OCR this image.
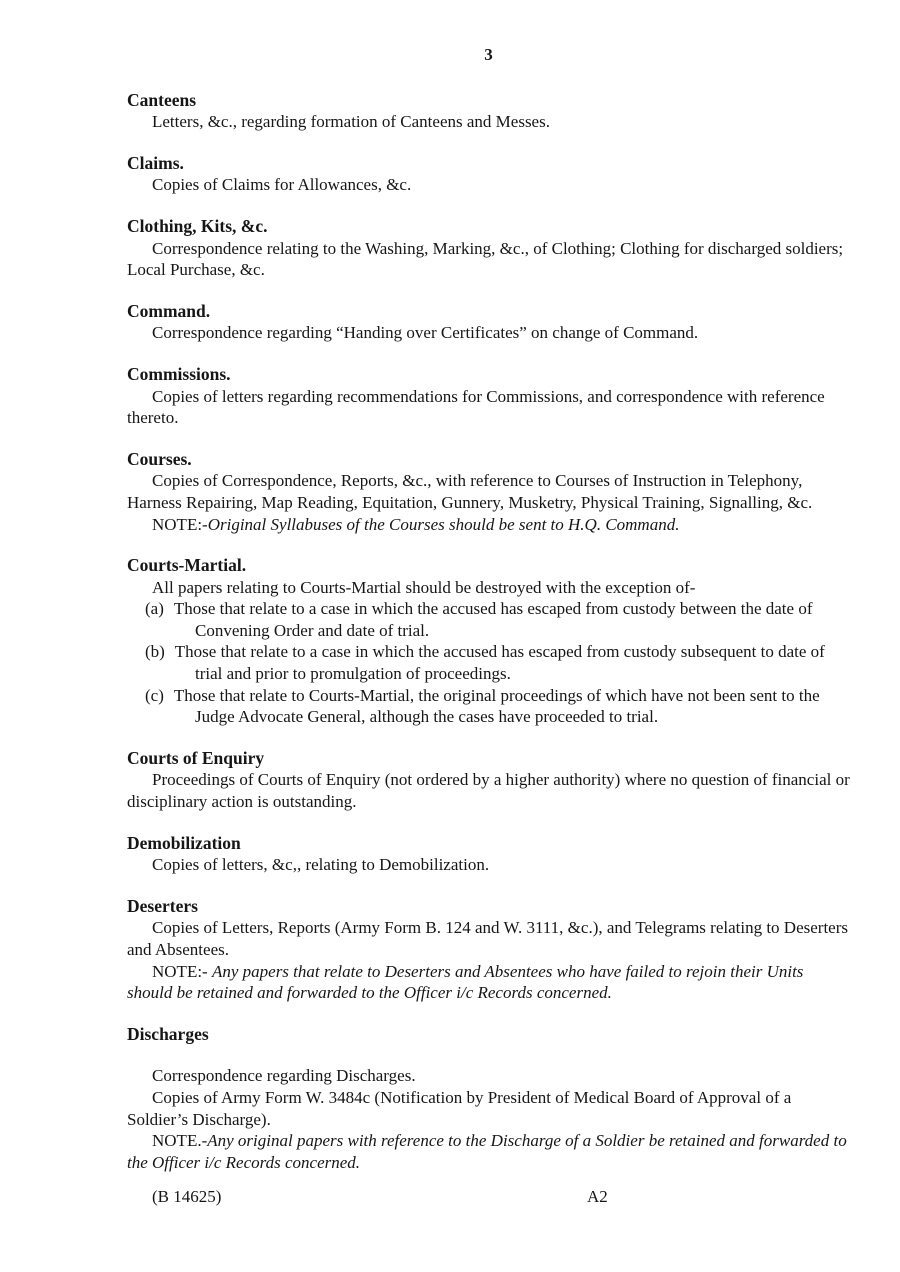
3
Canteens

Letters, &c., regarding formation of Canteens and Messes.

Claims.

Copies of Claims for Allowances, &c.

Clothing, Kits, &c.

Correspondence relating to the Washing, Marking, &c., of Clothing; Clothing for discharged soldiers; Local Purchase, &c.

Command.

Correspondence regarding “Handing over Certificates” on change of Command.

Commissions.

Copies of letters regarding recommendations for Commissions, and correspondence with reference thereto.

Courses.

Copies of Correspondence, Reports, &c., with reference to Courses of Instruction in Telephony, Harness Repairing, Map Reading, Equitation, Gunnery, Musketry, Physical Training, Signalling, &c.

NOTE:-Original Syllabuses of the Courses should be sent to H.Q. Command.

Courts-Martial.

All papers relating to Courts-Martial should be destroyed with the exception of-

(a) Those that relate to a case in which the accused has escaped from custody between the date of Convening Order and date of trial.

(b) Those that relate to a case in which the accused has escaped from custody subsequent to date of trial and prior to promulgation of proceedings.

(c) Those that relate to Courts-Martial, the original proceedings of which have not been sent to the Judge Advocate General, although the cases have proceeded to trial.

Courts of Enquiry

Proceedings of Courts of Enquiry (not ordered by a higher authority) where no question of financial or disciplinary action is outstanding.

Demobilization

Copies of letters, &c,, relating to Demobilization.

Deserters

Copies of Letters, Reports (Army Form B. 124 and W. 3111, &c.), and Telegrams relating to Deserters and Absentees.

NOTE:- Any papers that relate to Deserters and Absentees who have failed to rejoin their Units should be retained and forwarded to the Officer i/c Records concerned.

Discharges

Correspondence regarding Discharges.

Copies of Army Form W. 3484c (Notification by President of Medical Board of Approval of a Soldier’s Discharge).

NOTE.-Any original papers with reference to the Discharge of a Soldier be retained and forwarded to the Officer i/c Records concerned.

(B 14625)	A2
